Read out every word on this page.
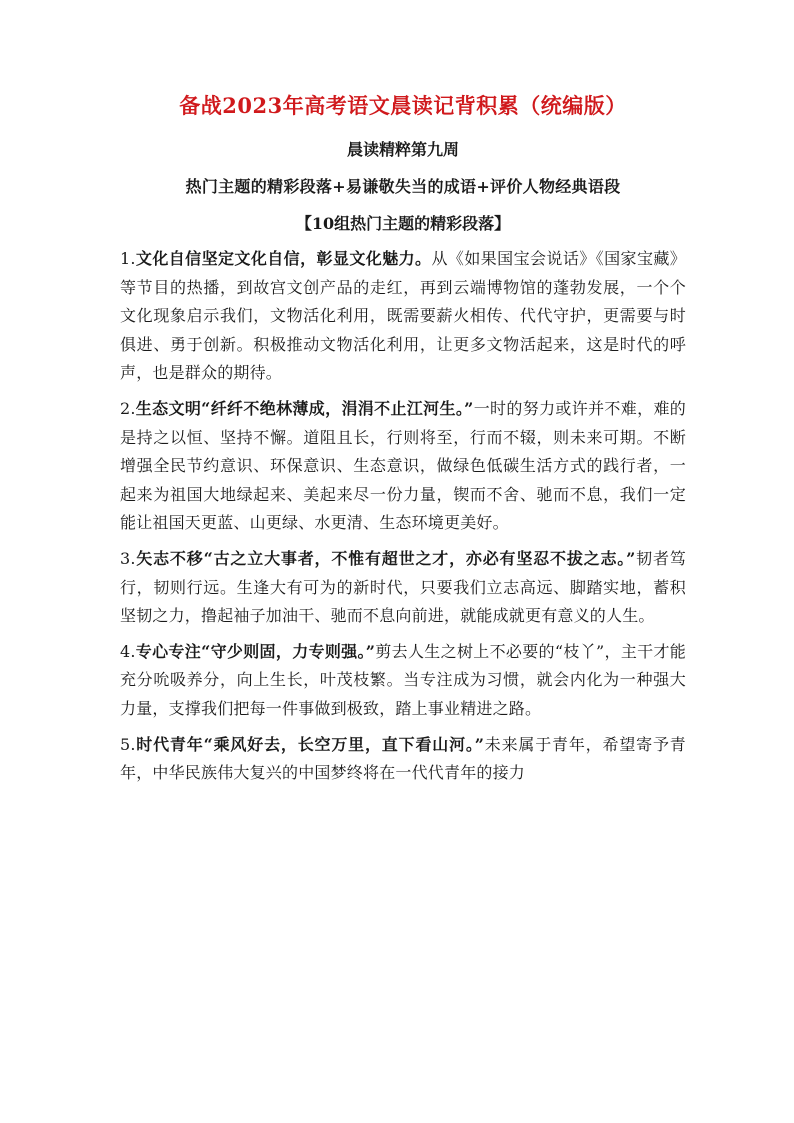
备战2023年高考语文晨读记背积累（统编版）
晨读精粹第九周
热门主题的精彩段落+易谦敬失当的成语+评价人物经典语段
【10组热门主题的精彩段落】

1.文化自信坚定文化自信，彰显文化魅力。从《如果国宝会说话》《国家宝藏》等节目的热播，到故宫文创产品的走红，再到云端博物馆的蓬勃发展，一个个文化现象启示我们，文物活化利用，既需要薪火相传、代代守护，更需要与时俱进、勇于创新。积极推动文物活化利用，让更多文物活起来，这是时代的呼声，也是群众的期待。

2.生态文明“纤纤不绝林薄成，涓涓不止江河生。”一时的努力或许并不难，难的是持之以恒、坚持不懈。道阻且长，行则将至，行而不辍，则未来可期。不断增强全民节约意识、环保意识、生态意识，做绿色低碳生活方式的践行者，一起来为祖国大地绿起来、美起来尽一份力量，锲而不舍、驰而不息，我们一定能让祖国天更蓝、山更绿、水更清、生态环境更美好。

3.矢志不移“古之立大事者，不惟有超世之才，亦必有坚忍不拔之志。”韧者笃行，韧则行远。生逢大有可为的新时代，只要我们立志高远、脚踏实地，蓄积坚韧之力，撸起袖子加油干、驰而不息向前进，就能成就更有意义的人生。

4.专心专注“守少则固，力专则强。”剪去人生之树上不必要的“枝丫”，主干才能充分吮吸养分，向上生长，叶茂枝繁。当专注成为习惯，就会内化为一种强大力量，支撑我们把每一件事做到极致，踏上事业精进之路。

5.时代青年“乘风好去，长空万里，直下看山河。”未来属于青年，希望寄予青年，中华民族伟大复兴的中国梦终将在一代代青年的接力
